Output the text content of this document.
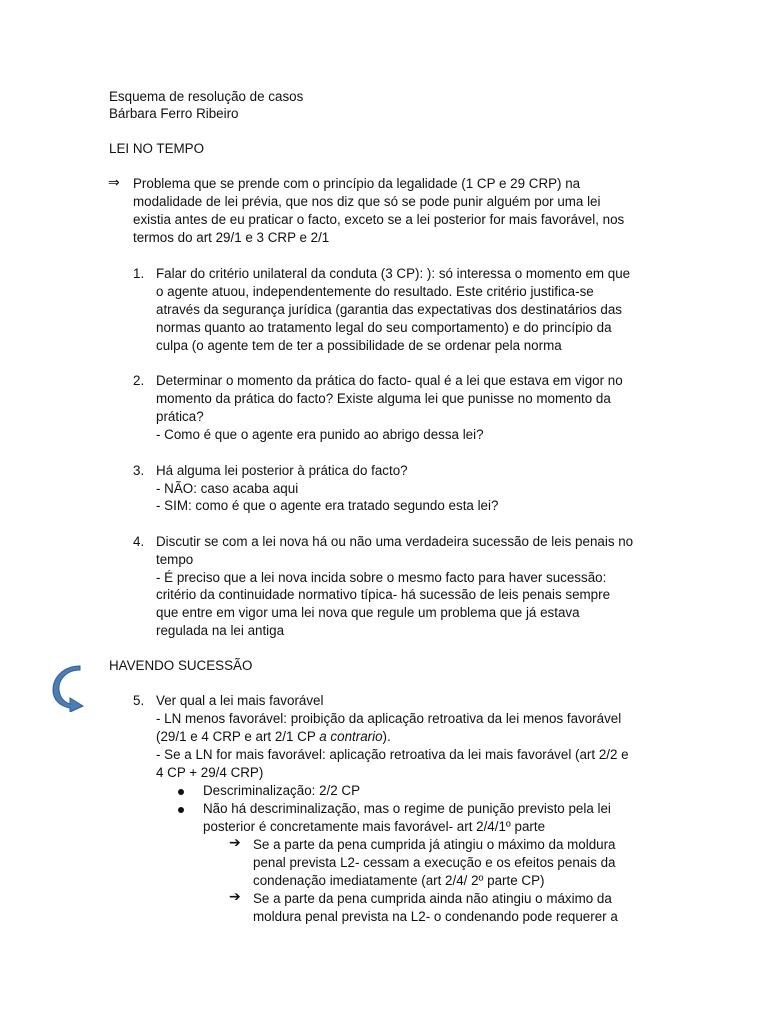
Esquema de resolução de casos
Bárbara Ferro Ribeiro
LEI NO TEMPO
⇒ Problema que se prende com o princípio da legalidade (1 CP e 29 CRP) na
modalidade de lei prévia, que nos diz que só se pode punir alguém por uma lei
existia antes de eu praticar o facto, exceto se a lei posterior for mais favorável, nos
termos do art 29/1 e 3 CRP e 2/1
1. Falar do critério unilateral da conduta (3 CP): ): só interessa o momento em que
o agente atuou, independentemente do resultado. Este critério justifica-se
através da segurança jurídica (garantia das expectativas dos destinatários das
normas quanto ao tratamento legal do seu comportamento) e do princípio da
culpa (o agente tem de ter a possibilidade de se ordenar pela norma
2. Determinar o momento da prática do facto- qual é a lei que estava em vigor no
momento da prática do facto? Existe alguma lei que punisse no momento da
prática?
- Como é que o agente era punido ao abrigo dessa lei?
3. Há alguma lei posterior à prática do facto?
- NÃO: caso acaba aqui
- SIM: como é que o agente era tratado segundo esta lei?
4. Discutir se com a lei nova há ou não uma verdadeira sucessão de leis penais no
tempo
- É preciso que a lei nova incida sobre o mesmo facto para haver sucessão:
critério da continuidade normativo típica- há sucessão de leis penais sempre
que entre em vigor uma lei nova que regule um problema que já estava
regulada na lei antiga
HAVENDO SUCESSÃO
5. Ver qual a lei mais favorável
- LN menos favorável: proibição da aplicação retroativa da lei menos favorável
(29/1 e 4 CRP e art 2/1 CP a contrario).
- Se a LN for mais favorável: aplicação retroativa da lei mais favorável (art 2/2 e
4 CP + 29/4 CRP)
Descriminalização: 2/2 CP
Não há descriminalização, mas o regime de punição previsto pela lei
posterior é concretamente mais favorável- art 2/4/1º parte
➔ Se a parte da pena cumprida já atingiu o máximo da moldura
penal prevista L2- cessam a execução e os efeitos penais da
condenação imediatamente (art 2/4/ 2º parte CP)
➔ Se a parte da pena cumprida ainda não atingiu o máximo da
moldura penal prevista na L2- o condenando pode requerer a
